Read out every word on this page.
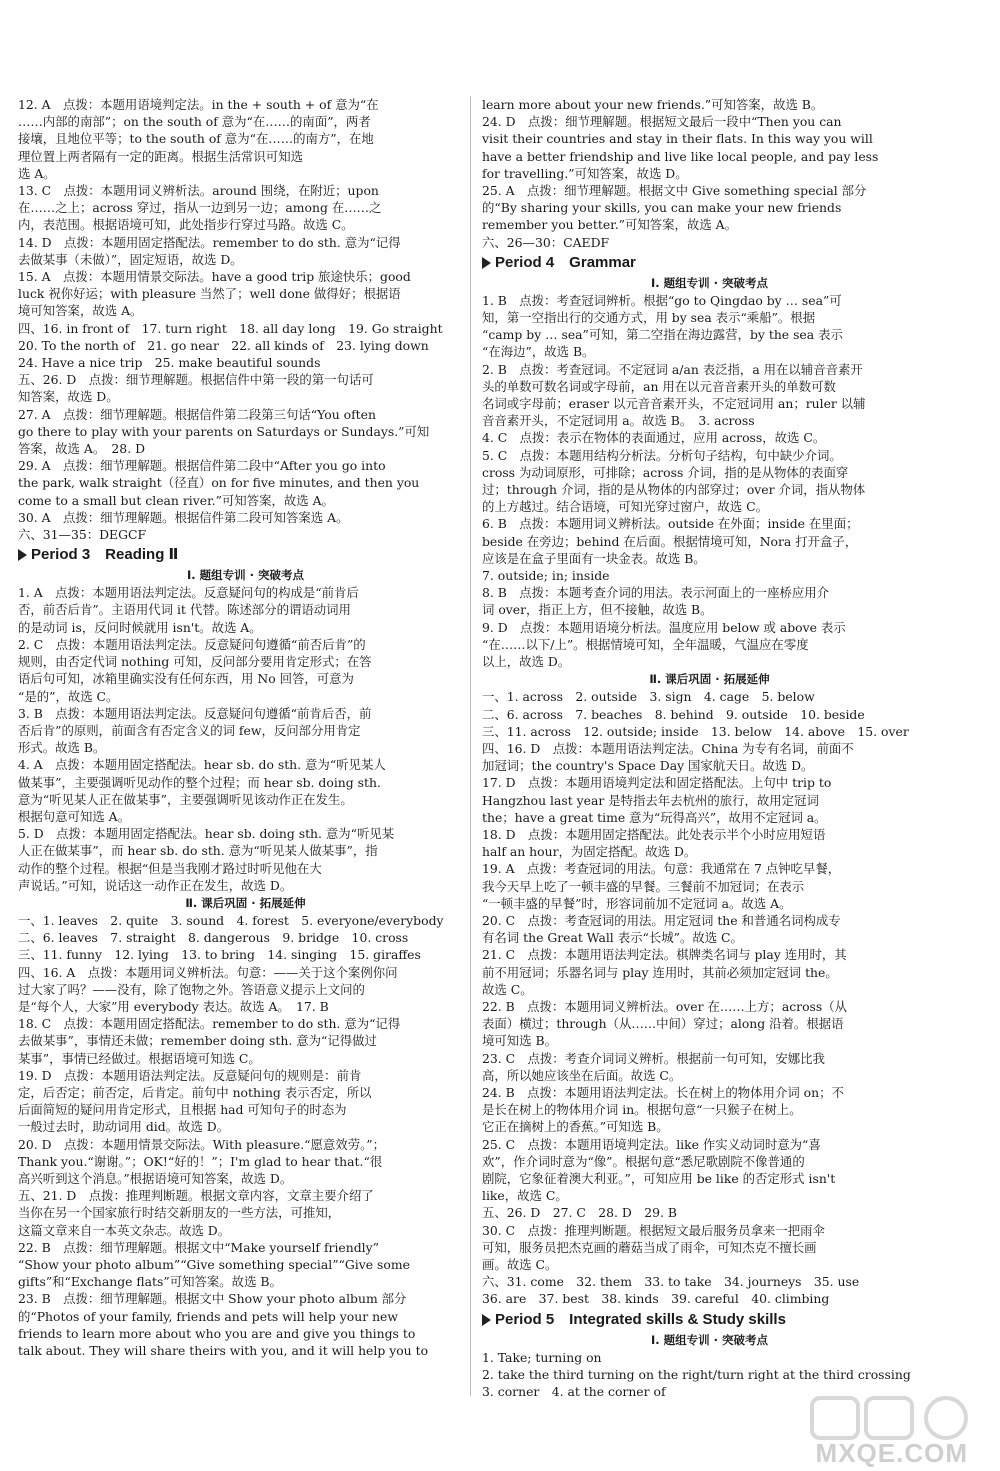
12. A　点拨：本题用语境判定法。in the + south + of 意为“在
……内部的南部”；on the south of 意为“在……的南面”，两者
接壤，且地位平等；to the south of 意为“在……的南方”，在地
理位置上两者隔有一定的距离。根据生活常识可知选
选 A。
13. C　点拨：本题用词义辨析法。around 围绕，在附近；upon
在……之上；across 穿过，指从一边到另一边；among 在……之
内，表范围。根据语境可知，此处指步行穿过马路。故选 C。
14. D　点拨：本题用固定搭配法。remember to do sth. 意为“记得
去做某事（未做）”，固定短语，故选 D。
15. A　点拨：本题用情景交际法。have a good trip 旅途快乐；good
luck 祝你好运；with pleasure 当然了；well done 做得好；根据语
境可知答案，故选 A。
四、16. in front of　17. turn right　18. all day long　19. Go straight
20. To the north of　21. go near　22. all kinds of　23. lying down
24. Have a nice trip　25. make beautiful sounds
五、26. D　点拨：细节理解题。根据信件中第一段的第一句话可
知答案，故选 D。
27. A　点拨：细节理解题。根据信件第二段第三句话“You often
go there to play with your parents on Saturdays or Sundays.”可知
答案，故选 A。　28. D
29. A　点拨：细节理解题。根据信件第二段中“After you go into
the park, walk straight（径直）on for five minutes, and then you
come to a small but clean river.”可知答案，故选 A。
30. A　点拨：细节理解题。根据信件第二段可知答案选 A。
六、31—35：DEGCF
Period 3　Reading Ⅱ
Ⅰ. 题组专训 · 突破考点
1. A　点拨：本题用语法判定法。反意疑问句的构成是“前肯后
否，前否后肯”。主语用代词 it 代替。陈述部分的谓语动词用
的是动词 is，反问时候就用 isn't。故选 A。
2. C　点拨：本题用语法判定法。反意疑问句遵循“前否后肯”的
规则，由否定代词 nothing 可知，反问部分要用肯定形式；在答
语后句可知，冰箱里确实没有任何东西，用 No 回答，可意为
“是的”，故选 C。
3. B　点拨：本题用语法判定法。反意疑问句遵循“前肯后否，前
否后肯”的原则，前面含有否定含义的词 few，反问部分用肯定
形式。故选 B。
4. A　点拨：本题用固定搭配法。hear sb. do sth. 意为“听见某人
做某事”，主要强调听见动作的整个过程；而 hear sb. doing sth.
意为“听见某人正在做某事”，主要强调听见该动作正在发生。
根据句意可知选 A。
5. D　点拨：本题用固定搭配法。hear sb. doing sth. 意为“听见某
人正在做某事”，而 hear sb. do sth. 意为“听见某人做某事”，指
动作的整个过程。根据“但是当我刚才路过时听见他在大
声说话。”可知，说话这一动作正在发生，故选 D。
Ⅱ. 课后巩固 · 拓展延伸
一、1. leaves　2. quite　3. sound　4. forest　5. everyone/everybody
二、6. leaves　7. straight　8. dangerous　9. bridge　10. cross
三、11. funny　12. lying　13. to bring　14. singing　15. giraffes
四、16. A　点拨：本题用词义辨析法。句意：——关于这个案例你问
过大家了吗？——没有，除了饱物之外。答语意义提示上文问的
是“每个人，大家”用 everybody 表达。故选 A。　17. B
18. C　点拨：本题用固定搭配法。remember to do sth. 意为“记得
去做某事”，事情还未做；remember doing sth. 意为“记得做过
某事”，事情已经做过。根据语境可知选 C。
19. D　点拨：本题用语法判定法。反意疑问句的规则是：前肯
定，后否定；前否定，后肯定。前句中 nothing 表示否定，所以
后面简短的疑问用肯定形式，且根据 had 可知句子的时态为
一般过去时，助动词用 did。故选 D。
20. D　点拨：本题用情景交际法。With pleasure.“愿意效劳。”；
Thank you.“谢谢。”；OK!“好的！”；I'm glad to hear that.“很
高兴听到这个消息。”根据语境可知答案，故选 D。
五、21. D　点拨：推理判断题。根据文章内容，文章主要介绍了
当你在另一个国家旅行时结交新朋友的一些方法，可推知，
这篇文章来自一本英文杂志。故选 D。
22. B　点拨：细节理解题。根据文中“Make yourself friendly”
“Show your photo album”“Give something special”“Give some
gifts”和“Exchange flats”可知答案。故选 B。
23. B　点拨：细节理解题。根据文中 Show your photo album 部分
的“Photos of your family, friends and pets will help your new
friends to learn more about who you are and give you things to
talk about. They will share theirs with you, and it will help you to
learn more about your new friends.”可知答案，故选 B。
24. D　点拨：细节理解题。根据短文最后一段中“Then you can
visit their countries and stay in their flats. In this way you will
have a better friendship and live like local people, and pay less
for travelling.”可知答案，故选 D。
25. A　点拨：细节理解题。根据文中 Give something special 部分
的“By sharing your skills, you can make your new friends
remember you better.”可知答案，故选 A。
六、26—30：CAEDF
Period 4　Grammar
Ⅰ. 题组专训 · 突破考点
1. B　点拨：考查冠词辨析。根据“go to Qingdao by … sea”可
知，第一空指出行的交通方式，用 by sea 表示“乘船”。根据
“camp by … sea”可知，第二空指在海边露营，by the sea 表示
“在海边”，故选 B。
2. B　点拨：考查冠词。不定冠词 a/an 表泛指，a 用在以辅音音素开
头的单数可数名词或字母前，an 用在以元音音素开头的单数可数
名词或字母前；eraser 以元音音素开头，不定冠词用 an；ruler 以辅
音音素开头，不定冠词用 a。故选 B。　3. across
4. C　点拨：表示在物体的表面通过，应用 across，故选 C。
5. C　点拨：本题用结构分析法。分析句子结构，句中缺少介词。
cross 为动词原形，可排除；across 介词，指的是从物体的表面穿
过；through 介词，指的是从物体的内部穿过；over 介词，指从物体
的上方越过。结合语境，可知光穿过窗户，故选 C。
6. B　点拨：本题用词义辨析法。outside 在外面；inside 在里面；
beside 在旁边；behind 在后面。根据情境可知，Nora 打开盒子，
应该是在盒子里面有一块金表。故选 B。
7. outside; in; inside
8. B　点拨：本题考查介词的用法。表示河面上的一座桥应用介
词 over，指正上方，但不接触，故选 B。
9. D　点拨：本题用语境分析法。温度应用 below 或 above 表示
“在……以下/上”。根据情境可知，全年温暖，气温应在零度
以上，故选 D。
Ⅱ. 课后巩固 · 拓展延伸
一、1. across　2. outside　3. sign　4. cage　5. below
二、6. across　7. beaches　8. behind　9. outside　10. beside
三、11. across　12. outside; inside　13. below　14. above　15. over
四、16. D　点拨：本题用语法判定法。China 为专有名词，前面不
加冠词；the country's Space Day 国家航天日。故选 D。
17. D　点拨：本题用语境判定法和固定搭配法。上句中 trip to
Hangzhou last year 是特指去年去杭州的旅行，故用定冠词
the；have a great time 意为“玩得高兴”，故用不定冠词 a。
18. D　点拨：本题用固定搭配法。此处表示半个小时应用短语
half an hour，为固定搭配。故选 D。
19. A　点拨：考查冠词的用法。句意：我通常在 7 点钟吃早餐，
我今天早上吃了一顿丰盛的早餐。三餐前不加冠词；在表示
“一顿丰盛的早餐”时，形容词前加不定冠词 a。故选 A。
20. C　点拨：考查冠词的用法。用定冠词 the 和普通名词构成专
有名词 the Great Wall 表示“长城”。故选 C。
21. C　点拨：本题用语法判定法。棋牌类名词与 play 连用时，其
前不用冠词；乐器名词与 play 连用时，其前必须加定冠词 the。
故选 C。
22. B　点拨：本题用词义辨析法。over 在……上方；across（从
表面）横过；through（从……中间）穿过；along 沿着。根据语
境可知选 B。
23. C　点拨：考查介词词义辨析。根据前一句可知，安娜比我
高，所以她应该坐在后面。故选 C。
24. B　点拨：本题用语法判定法。长在树上的物体用介词 on；不
是长在树上的物体用介词 in。根据句意“一只猴子在树上。
它正在摘树上的香蕉。”可知选 B。
25. C　点拨：本题用语境判定法。like 作实义动词时意为“喜
欢”，作介词时意为“像”。根据句意“悉尼歌剧院不像普通的
剧院，它象征着澳大利亚。”，可知应用 be like 的否定形式 isn't
like，故选 C。
五、26. D　27. C　28. D　29. B
30. C　点拨：推理判断题。根据短文最后服务员拿来一把雨伞
可知，服务员把杰克画的蘑菇当成了雨伞，可知杰克不擅长画
画。故选 C。
六、31. come　32. them　33. to take　34. journeys　35. use
36. are　37. best　38. kinds　39. careful　40. climbing
Period 5　Integrated skills & Study skills
Ⅰ. 题组专训 · 突破考点
1. Take; turning on
2. take the third turning on the right/turn right at the third crossing
3. corner　4. at the corner of
MXQE.COM
